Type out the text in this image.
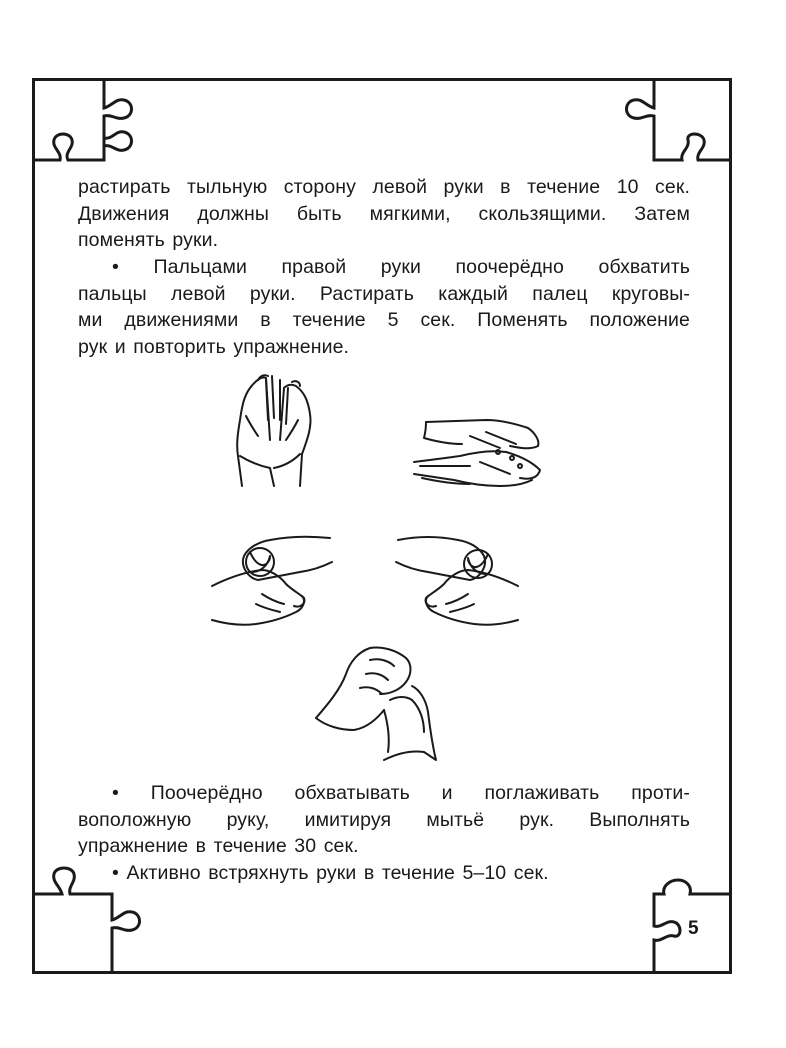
растирать тыльную сторону левой руки в течение 10 сек.
Движения должны быть мягкими, скользящими. Затем
поменять руки.
• Пальцами правой руки поочерёдно обхватить
пальцы левой руки. Растирать каждый палец круговы-
ми движениями в течение 5 сек. Поменять положение
рук и повторить упражнение.
• Поочерёдно обхватывать и поглаживать проти-
воположную руку, имитируя мытьё рук. Выполнять
упражнение в течение 30 сек.
• Активно встряхнуть руки в течение 5–10 сек.
5
